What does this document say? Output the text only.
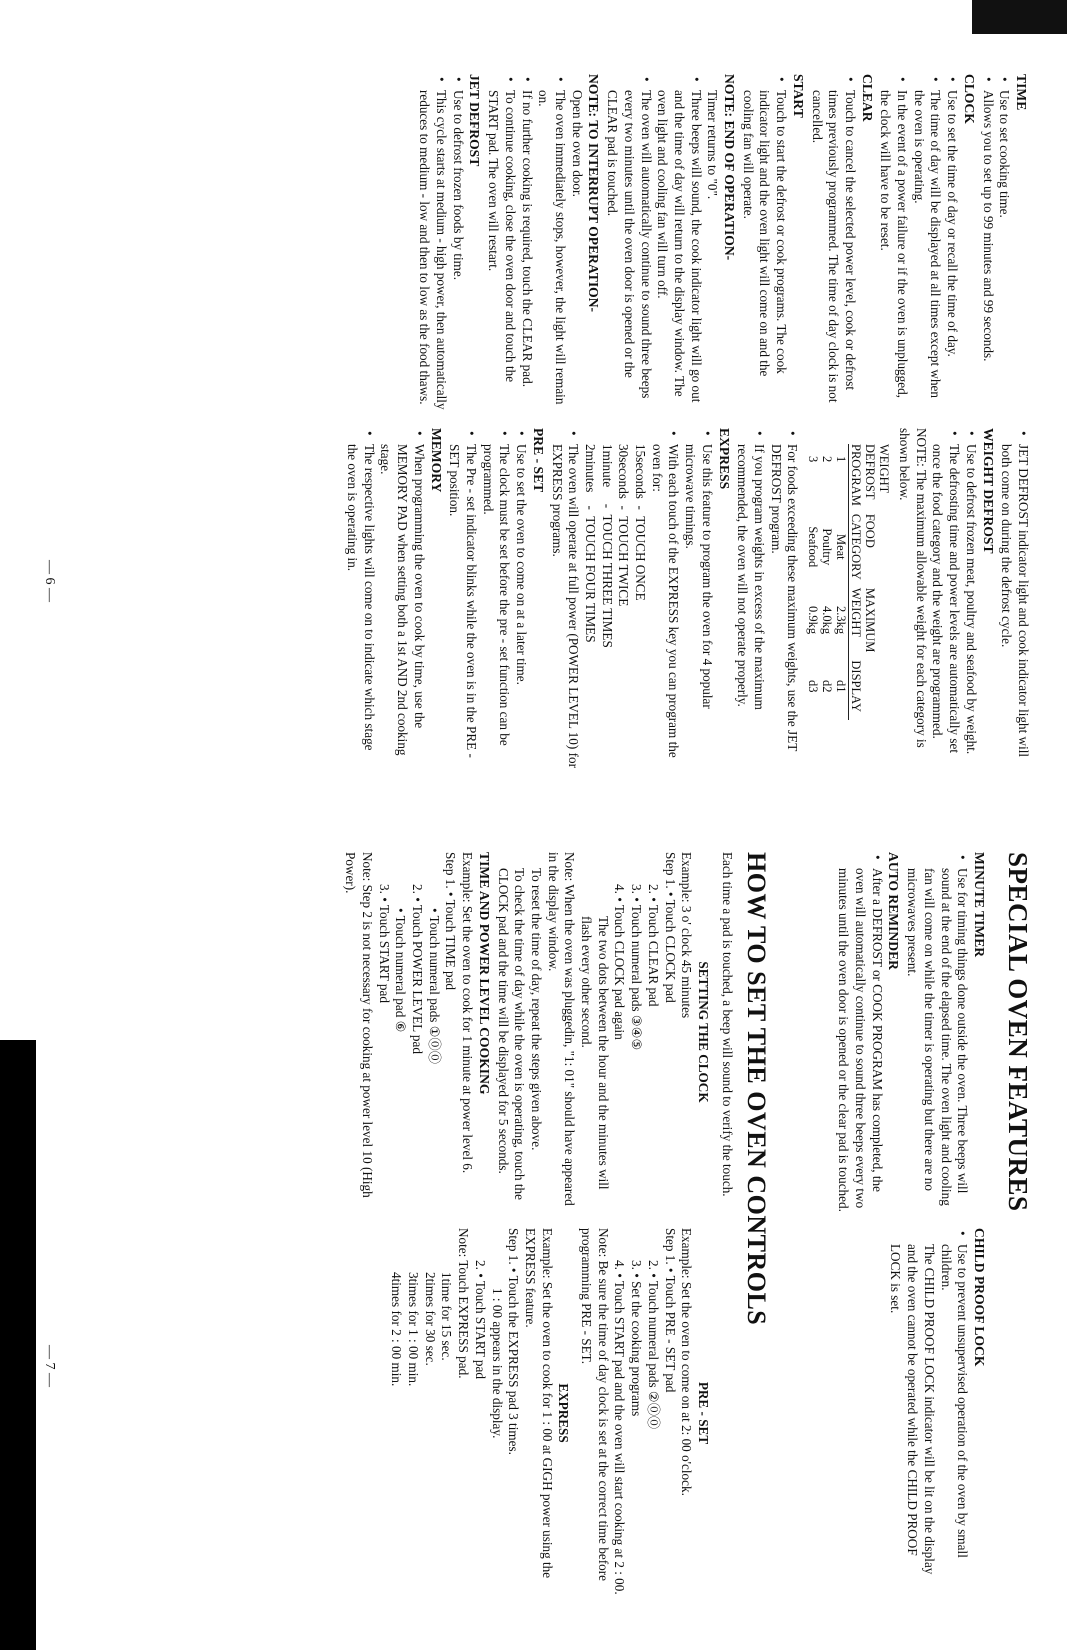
TIME
• Use to set cooking time.
• Allows you to set up to 99 minutes and 99 seconds.
CLOCK
• Use to set the time of day or recall the time of day.
• The time of day will be displayed at all times except when the oven is operating.
• In the event of a power failure or if the oven is unplugged, the clock will have to be reset.
CLEAR
• Touch to cancel the selected power level, cook or defrost times previously programmed. The time of day clock is not cancelled.
START
• Touch to start the defrost or cook programs. The cook indicator light and the oven light will come on and the cooling fan will operate.
NOTE: END OF OPERATION-
Timer returns to "0".
• Three beeps will sound, the cook indicator light will go out and the time of day will return to the display window. The oven light and cooling fan will turn off.
• The oven will automatically continue to sound three beeps every two minutes until the oven door is opened or the CLEAR pad is touched.
NOTE: TO INTERRUPT OPERATION-
Open the oven door.
• The oven immediately stops, however, the light will remain on.
• If no further cooking is required, touch the CLEAR pad.
• To continue cooking, close the oven door and touch the START pad. The oven will restart.
JET DEFROST
• Use to defrost frozen foods by time.
• This cycle starts at medium - high power, then automatically reduces to medium - low and then to low as the food thaws.
• JET DEFROST indicator light and cook indicator light will both come on during the defrost cycle.
WEIGHT DEFROST
• Use to defrost frozen meat, poultry and seafood by weight.
• The defrosting time and power levels are automatically set once the food category and the weight are programmed.
NOTE: The maximum allowable weight for each category is shown below.
WEIGHT			
DEFROST	FOOD	MAXIMUM	
PROGRAM	CATEGORY	WEIGHT	DISPLAY
1	Meat	2.3kg	d1
2	Poultry	4.0kg	d2
3	Seafood	0.9kg	d3
• For foods exceeding these maximum weights, use the JET DEFROST program.
• If you program weights in excess of the maximum recommended, the oven will not operate properly.
EXPRESS
• Use this feature to program the oven for 4 popular microwave timings.
• With each touch of the EXPRESS key you can program the oven for:
15seconds  -  TOUCH ONCE
30seconds  -  TOUCH TWICE
1minute     -  TOUCH THREE TIMES
2minutes    -  TOUCH FOUR TIMES
• The oven will operate at full power (POWER LEVEL 10) for EXPRESS programs.
PRE - SET
• Use to set the oven to come on at a later time.
• The clock must be set before the pre - set function can be programmed.
• The Pre - set indicator blinks while the oven is in the PRE - SET position.
MEMORY
• When programming the oven to cook by time, use the MEMORY PAD when setting both a 1st AND 2nd cooking stage.
• The respective lights will come on to indicate which stage the oven is operating in.
— 6 —
SPECIAL OVEN FEATURES
MINUTE TIMER
• Use for timing things done outside the oven. Three beeps will sound at the end of the elapsed time. The oven light and cooling fan will come on while the timer is operating but there are no microwaves present.
AUTO REMINDER
• After a DEFROST or COOK PROGRAM has completed, the oven will automatically continue to sound three beeps every two minutes until the oven door is opened or the clear pad is touched.
CHILD PROOF LOCK
• Use to prevent unsupervised operation of the oven by small children.
The CHILD PROOF LOCK indicator will be lit on the display and the oven cannot be operated while the CHILD PROOF LOCK is set.
HOW TO SET THE OVEN CONTROLS
Each time a pad is touched, a beep will sound to verify the touch.
SETTING THE CLOCK
Example: 3 o' clock 45 minutes
Step 1. • Touch CLOCK pad
2. • Touch CLEAR pad
3. • Touch numeral pads ③④⑤
4. • Touch CLOCK pad again
The two dots between the hour and the minutes will flash every other second.
Note: When the oven was pluggedin, "1: 01" should have appeared in the display window.
To reset the time of day, repeat the steps given above.
To check the time of day while the oven is operating, touch the CLOCK pad and the time will be displayed for 5 seconds.
TIME AND POWER LEVEL COOKING
Example: Set the oven to cook for 1 minute at power level 6.
Step 1. • Touch TIME pad
• Touch numeral pads ①⓪⓪
2. • Touch POWER LEVEL pad
• Touch numeral pad ⑥
3. • Touch START pad
Note: Step 2 is not necessary for cooking at power level 10 (High Power).
PRE - SET
Example: Set the oven to come on at 2: 00 o'clock.
Step 1. • Touch PRE - SET pad
2. • Touch numeral pads ②⓪⓪
3. • Set the cooking programs
4. • Touch START pad and the oven will start cooking at 2 : 00.
Note: Be sure the time of day clock is set at the correct time before programming PRE - SET.
EXPRESS
Example: Set the oven to cook for 1 : 00 at GIGH power using the EXPRESS feature.
Step 1. • Touch the EXPRESS pad 3 times.
1 : 00 appears in the display.
2. • Touch START pad
Note: Touch EXPRESS pad.
1time for 15 sec.
2times for 30 sec.
3times for 1 : 00 min.
4times for 2 : 00 min.
— 7 —
